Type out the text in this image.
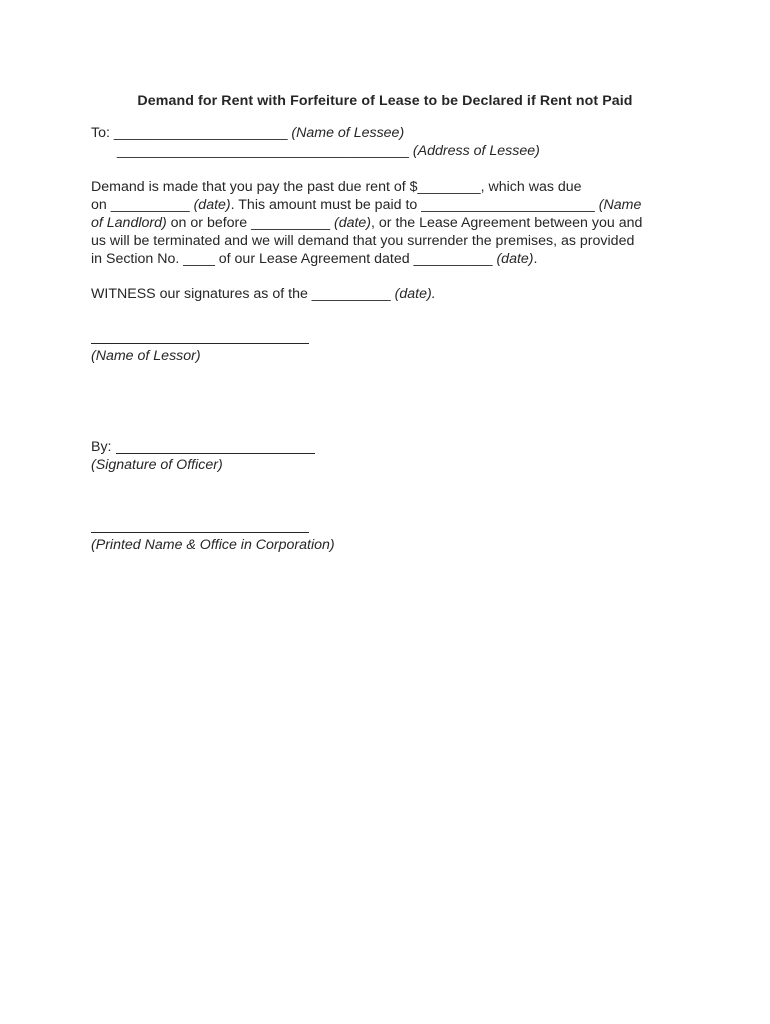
Demand for Rent with Forfeiture of Lease to be Declared if Rent not Paid
To: ______________________ (Name of Lessee)
_____________________________________ (Address of Lessee)
Demand is made that you pay the past due rent of $________, which was due
on __________ (date). This amount must be paid to ______________________ (Name
of Landlord) on or before __________ (date), or the Lease Agreement between you and
us will be terminated and we will demand that you surrender the premises, as provided
in Section No. ____ of our Lease Agreement dated __________ (date).
WITNESS our signatures as of the __________ (date).
(Name of Lessor)
By:
(Signature of Officer)
(Printed Name & Office in Corporation)
